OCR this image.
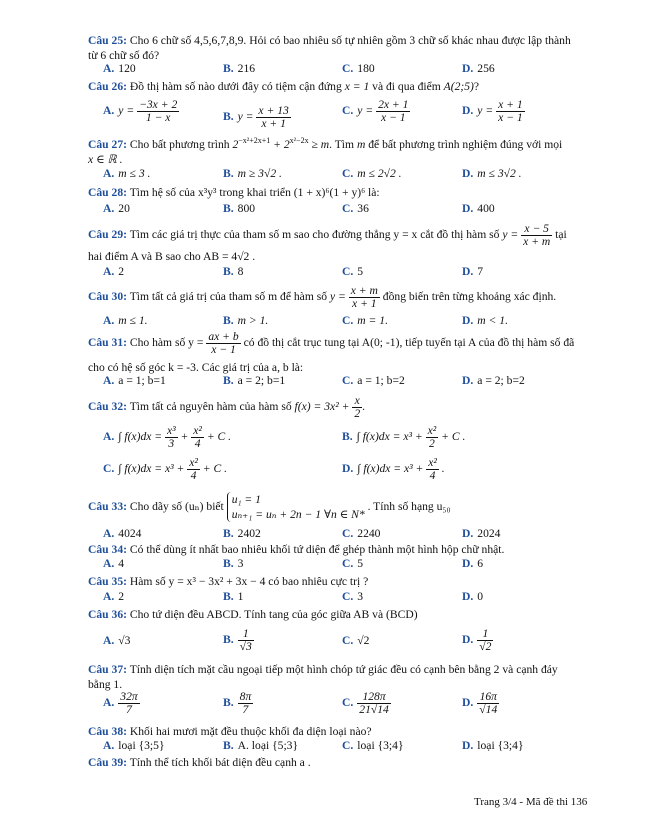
Câu 25: Cho 6 chữ số 4,5,6,7,8,9. Hỏi có bao nhiêu số tự nhiên gồm 3 chữ số khác nhau được lập thành
từ 6 chữ số đó?
A. 120	B. 216	C. 180	D. 256
Câu 26: Đồ thị hàm số nào dưới đây có tiệm cận đứng x = 1 và đi qua điểm A(2;5)?
A. $y = \frac{-3x + 2}{1 - x}$	B. $y = \frac{x + 13}{x + 1}$	C. $y = \frac{2x + 1}{x - 1}$	D. $y = \frac{x + 1}{x - 1}$
Câu 27: Cho bất phương trình $2^{-x^2+2x+1} + 2^{x^2-2x} \ge m$. Tìm m để bất phương trình nghiệm đúng với mọi
x ∈ ℝ .
A. m ≤ 3 .	B. m ≥ 3√2 .	C. m ≤ 2√2 .	D. m ≤ 3√2 .
Câu 28: Tìm hệ số của x³y³ trong khai triển (1 + x)⁶(1 + y)⁶ là:
A. 20	B. 800	C. 36	D. 400
Câu 29: Tìm các giá trị thực của tham số m sao cho đường thẳng y = x cắt đồ thị hàm số $y = \frac{x - 5}{x + m}$ tại
hai điểm A và B sao cho AB = 4√2 .
A. 2	B. 8	C. 5	D. 7
Câu 30: Tìm tất cả giá trị của tham số m để hàm số $y = \frac{x + m}{x + 1}$ đồng biến trên từng khoảng xác định.
A. m ≤ 1.	B. m > 1.	C. m = 1.	D. m < 1.
Câu 31: Cho hàm số $y = \frac{ax + b}{x - 1}$ có đồ thị cắt trục tung tại A(0; -1), tiếp tuyến tại A của đồ thị hàm số đã
cho có hệ số góc k = -3. Các giá trị của a, b là:
A. a = 1; b=1	B. a = 2; b=1	C. a = 1; b=2	D. a = 2; b=2
Câu 32: Tìm tất cả nguyên hàm của hàm số $f(x) = 3x^2 + \frac{x}{2}$ .
A. ∫ $f(x)dx = \frac{\text{x³}}{3} + \frac{\text{x²}}{4} + C$ .	B. ∫ $f(x)dx = x^3 + \frac{\text{x²}}{2} + C$ .
C. ∫ $f(x)dx = x^3 + \frac{\text{x²}}{4} + C$ .	D. ∫ $f(x)dx = x^3 + \frac{\text{x²}}{4}$ .
Câu 33: Cho dãy số (uₙ) biết u₁ = 1
uₙ₊₁ = uₙ + 2n − 1 ∀n ∈ N* . Tính số hạng u₅₀
A. 4024	B. 2402	C. 2240	D. 2024
Câu 34: Có thể dùng ít nhất bao nhiêu khối tứ diện để ghép thành một hình hộp chữ nhật.
A. 4	B. 3	C. 5	D. 6
Câu 35: Hàm số y = x³ − 3x² + 3x − 4 có bao nhiêu cực trị ?
A. 2	B. 1	C. 3	D. 0
Câu 36: Cho tứ diện đều ABCD. Tính tang của góc giữa AB và (BCD)
A. √3	B. $\frac{1}{√3}$	C. √2	D. $\frac{1}{√2}$
Câu 37: Tính diện tích mặt cầu ngoại tiếp một hình chóp tứ giác đều có cạnh bên bằng 2 và cạnh đáy
bằng 1.
A. $\frac{32\pi}{7}$	B. $\frac{8\pi}{7}$	C. $\frac{128\pi}{21√14}$	D. $\frac{16\pi}{√14}$
Câu 38: Khối hai mươi mặt đều thuộc khối đa diện loại nào?
A. loại {3;5}	B. A. loại {5;3}	C. loại {3;4}	D. loại {3;4}
Câu 39: Tính thể tích khối bát diện đều cạnh a .
Trang 3/4 - Mã đề thi 136
